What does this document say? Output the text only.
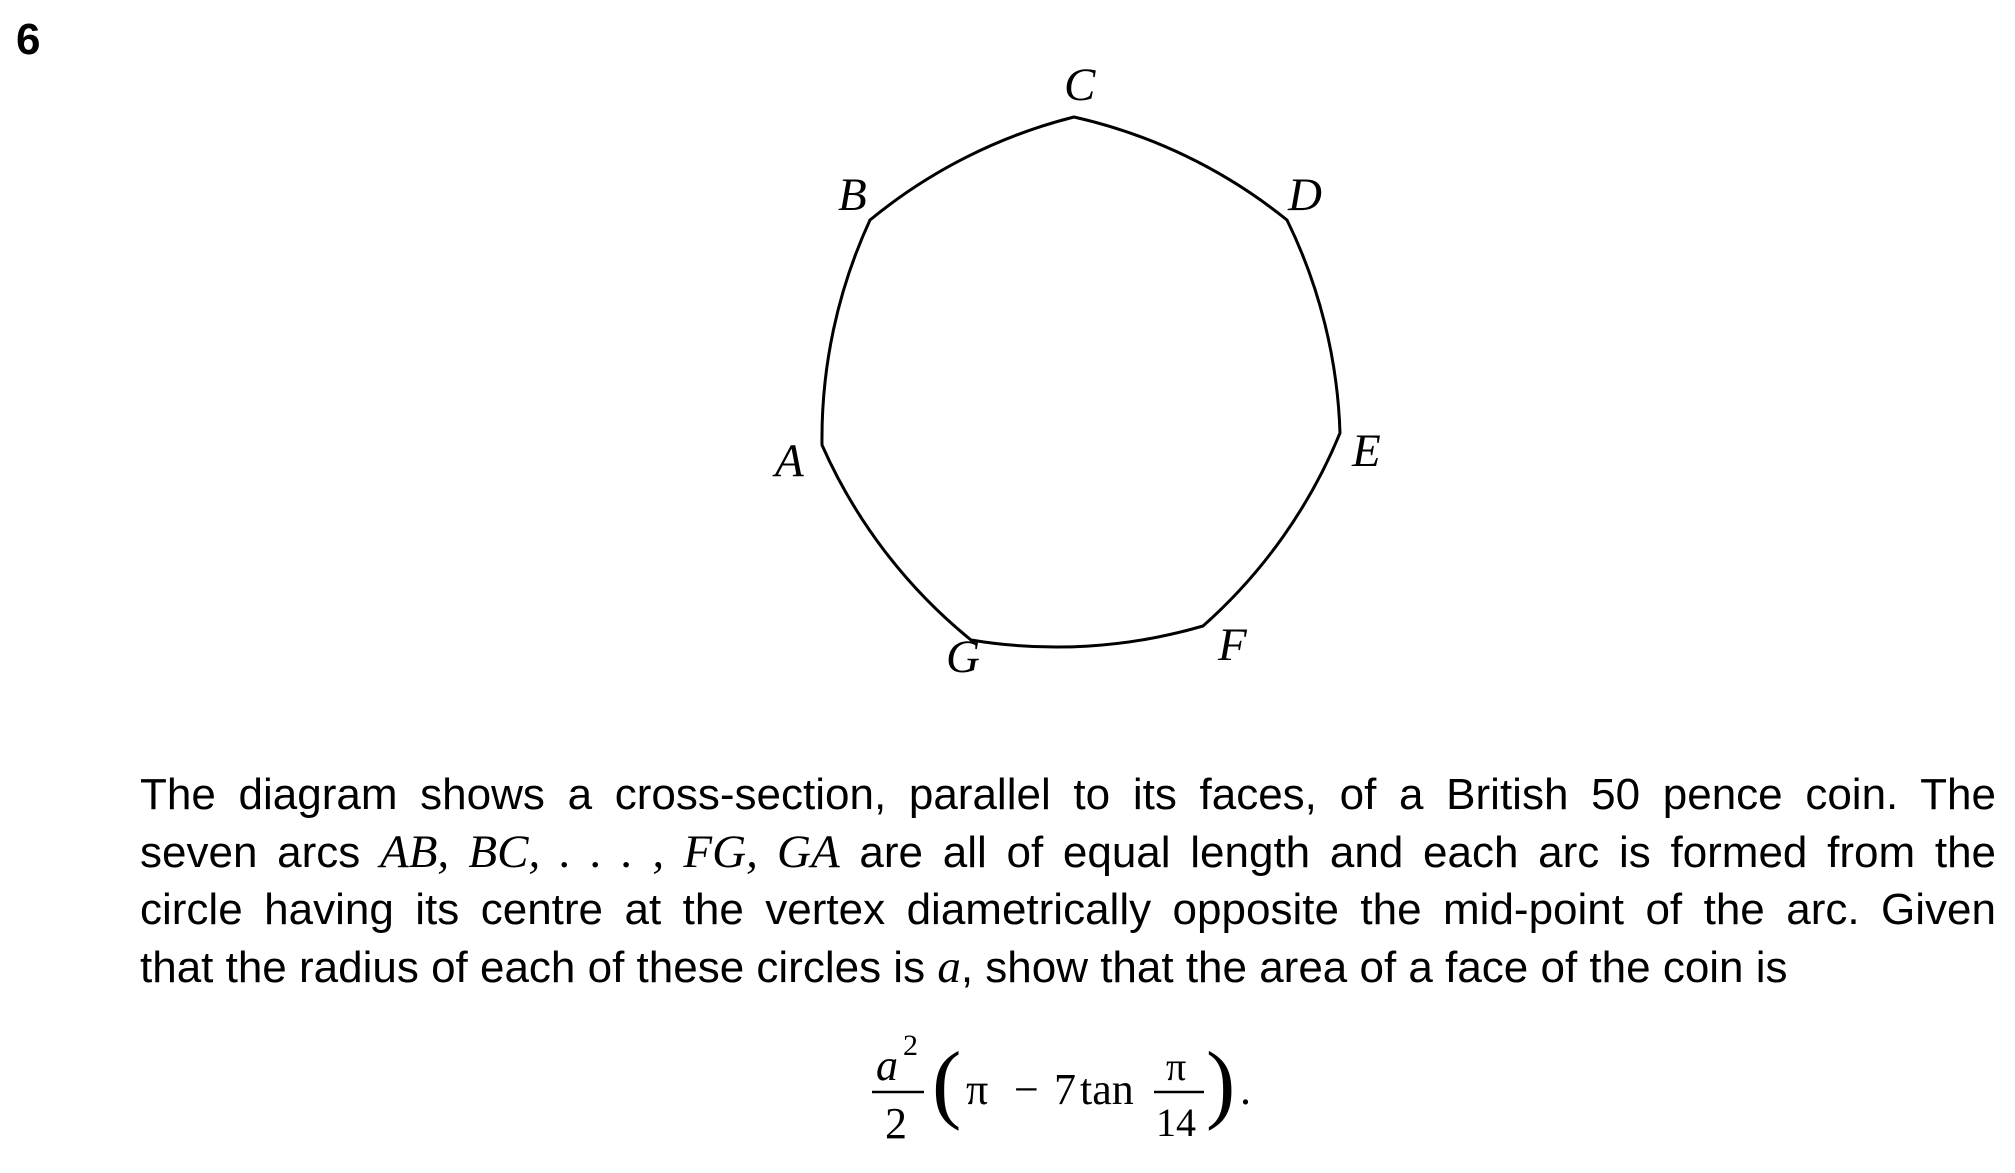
6
A
B
C
D
E
F
G
The diagram shows a cross-section, parallel to its faces, of a British 50 pence coin. The
seven arcs AB, BC, . . . , FG, GA are all of equal length and each arc is formed from the
circle having its centre at the vertex diametrically opposite the mid-point of the arc. Given
that the radius of each of these circles is a, show that the area of a face of the coin is
a 2
2 ( π − 7 tan π
14 ) .
